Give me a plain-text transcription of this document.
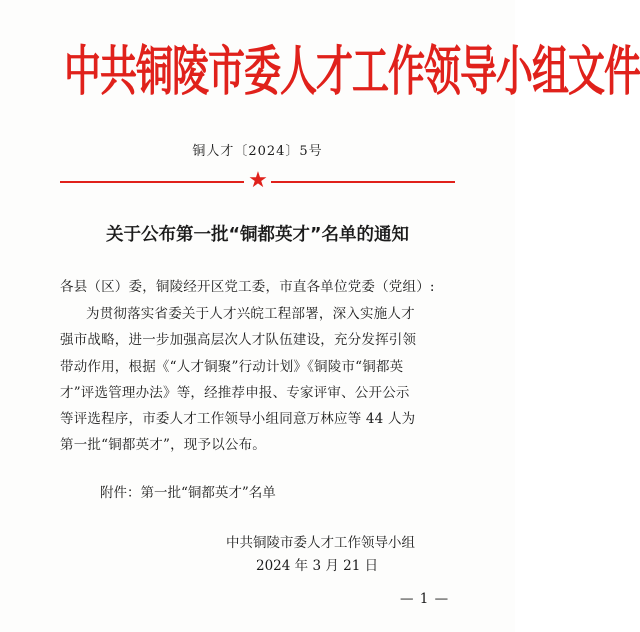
中共铜陵市委人才工作领导小组文件
铜人才〔2024〕5号
★
关于公布第一批“铜都英才”名单的通知
各县（区）委，铜陵经开区党工委，市直各单位党委（党组）:
为贯彻落实省委关于人才兴皖工程部署，深入实施人才
强市战略，进一步加强高层次人才队伍建设，充分发挥引领
带动作用，根据《“人才铜聚”行动计划》《铜陵市“铜都英
才”评选管理办法》等，经推荐申报、专家评审、公开公示
等评选程序，市委人才工作领导小组同意万林应等 44 人为
第一批“铜都英才”，现予以公布。
附件：第一批“铜都英才”名单
中共铜陵市委人才工作领导小组
2024 年 3 月 21 日
— 1 —
